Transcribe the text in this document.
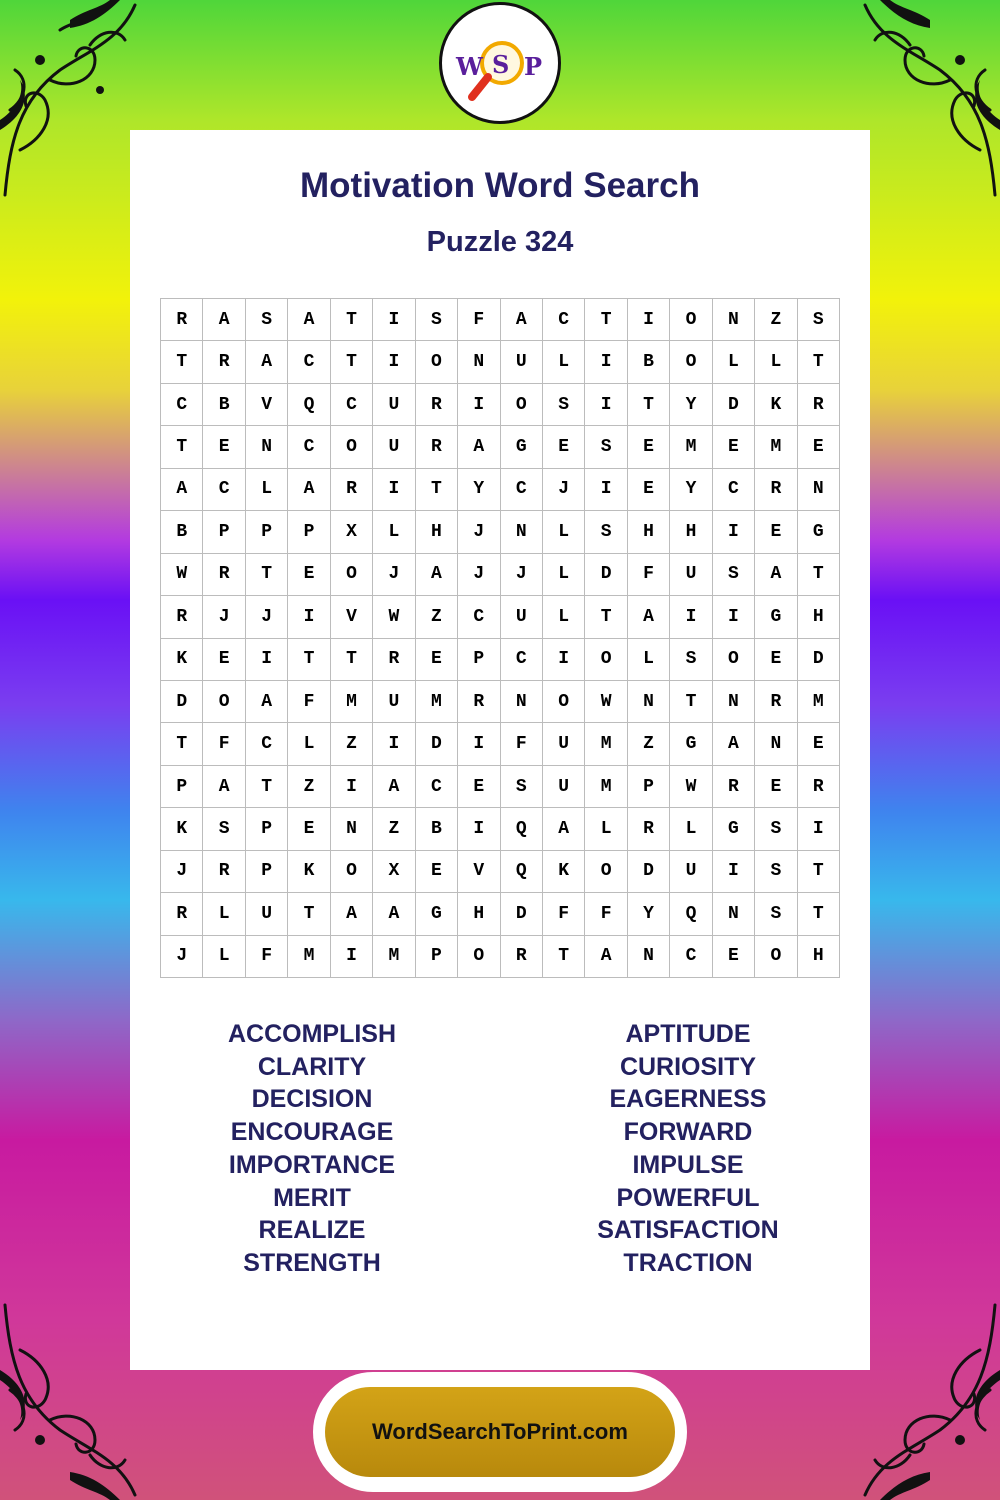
W S P
Motivation Word Search
Puzzle 324
R	A	S	A	T	I	S	F	A	C	T	I	O	N	Z	S
T	R	A	C	T	I	O	N	U	L	I	B	O	L	L	T
C	B	V	Q	C	U	R	I	O	S	I	T	Y	D	K	R
T	E	N	C	O	U	R	A	G	E	S	E	M	E	M	E
A	C	L	A	R	I	T	Y	C	J	I	E	Y	C	R	N
B	P	P	P	X	L	H	J	N	L	S	H	H	I	E	G
W	R	T	E	O	J	A	J	J	L	D	F	U	S	A	T
R	J	J	I	V	W	Z	C	U	L	T	A	I	I	G	H
K	E	I	T	T	R	E	P	C	I	O	L	S	O	E	D
D	O	A	F	M	U	M	R	N	O	W	N	T	N	R	M
T	F	C	L	Z	I	D	I	F	U	M	Z	G	A	N	E
P	A	T	Z	I	A	C	E	S	U	M	P	W	R	E	R
K	S	P	E	N	Z	B	I	Q	A	L	R	L	G	S	I
J	R	P	K	O	X	E	V	Q	K	O	D	U	I	S	T
R	L	U	T	A	A	G	H	D	F	F	Y	Q	N	S	T
J	L	F	M	I	M	P	O	R	T	A	N	C	E	O	H
ACCOMPLISH
CLARITY
DECISION
ENCOURAGE
IMPORTANCE
MERIT
REALIZE
STRENGTH
APTITUDE
CURIOSITY
EAGERNESS
FORWARD
IMPULSE
POWERFUL
SATISFACTION
TRACTION
WordSearchToPrint.com
